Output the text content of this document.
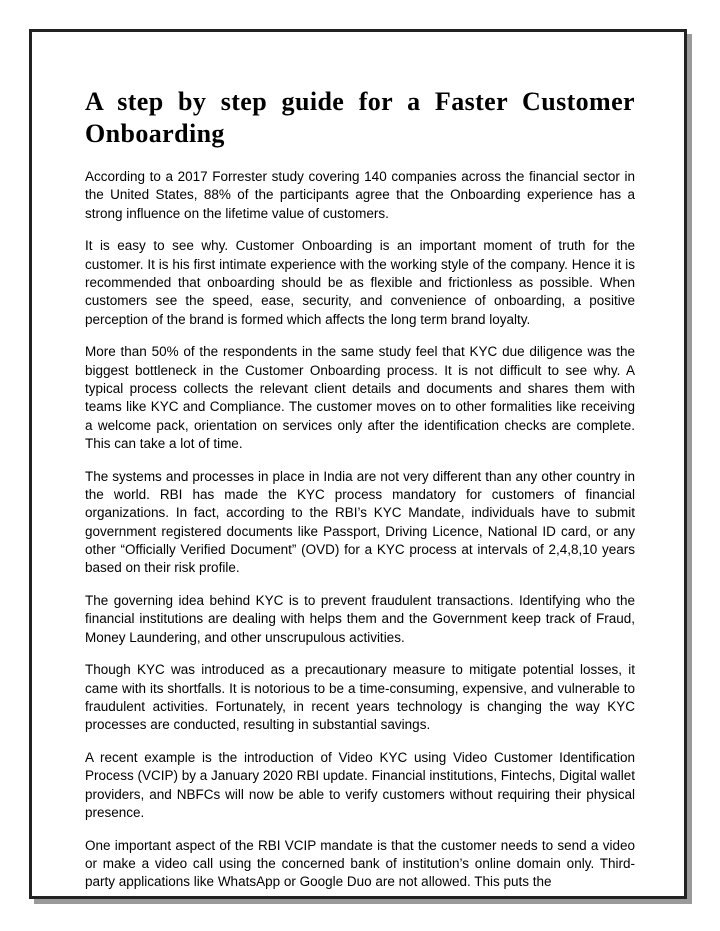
A step by step guide for a Faster Customer Onboarding

According to a 2017 Forrester study covering 140 companies across the financial sector in the United States, 88% of the participants agree that the Onboarding experience has a strong influence on the lifetime value of customers.

It is easy to see why. Customer Onboarding is an important moment of truth for the customer. It is his first intimate experience with the working style of the company. Hence it is recommended that onboarding should be as flexible and frictionless as possible. When customers see the speed, ease, security, and convenience of onboarding, a positive perception of the brand is formed which affects the long term brand loyalty.

More than 50% of the respondents in the same study feel that KYC due diligence was the biggest bottleneck in the Customer Onboarding process. It is not difficult to see why. A typical process collects the relevant client details and documents and shares them with teams like KYC and Compliance. The customer moves on to other formalities like receiving a welcome pack, orientation on services only after the identification checks are complete. This can take a lot of time.

The systems and processes in place in India are not very different than any other country in the world. RBI has made the KYC process mandatory for customers of financial organizations. In fact, according to the RBI’s KYC Mandate, individuals have to submit government registered documents like Passport, Driving Licence, National ID card, or any other “Officially Verified Document” (OVD) for a KYC process at intervals of 2,4,8,10 years based on their risk profile.

The governing idea behind KYC is to prevent fraudulent transactions. Identifying who the financial institutions are dealing with helps them and the Government keep track of Fraud, Money Laundering, and other unscrupulous activities.

Though KYC was introduced as a precautionary measure to mitigate potential losses, it came with its shortfalls. It is notorious to be a time-consuming, expensive, and vulnerable to fraudulent activities. Fortunately, in recent years technology is changing the way KYC processes are conducted, resulting in substantial savings.

A recent example is the introduction of Video KYC using Video Customer Identification Process (VCIP) by a January 2020 RBI update. Financial institutions, Fintechs, Digital wallet providers, and NBFCs will now be able to verify customers without requiring their physical presence.

One important aspect of the RBI VCIP mandate is that the customer needs to send a video or make a video call using the concerned bank of institution’s online domain only. Third-party applications like WhatsApp or Google Duo are not allowed. This puts the
